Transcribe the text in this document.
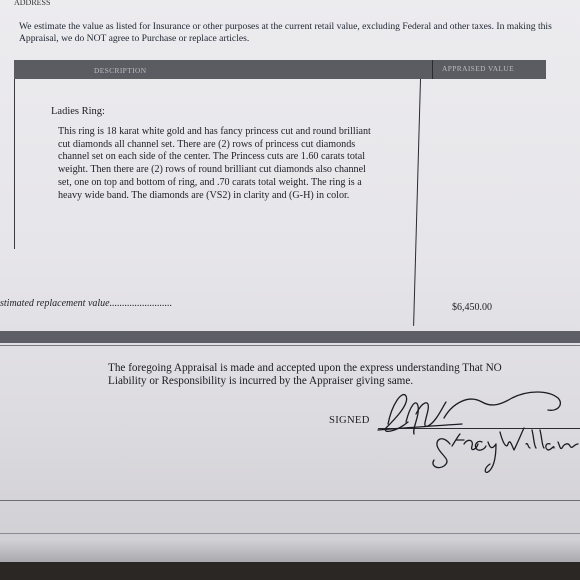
ADDRESS
We estimate the value as listed for Insurance or other purposes at the current retail value, excluding Federal and other taxes. In making this Appraisal, we do NOT agree to Purchase or replace articles.
DESCRIPTION	APPRAISED VALUE
Ladies Ring:
This ring is 18 karat white gold and has fancy princess cut and round brilliant cut diamonds all channel set. There are (2) rows of princess cut diamonds channel set on each side of the center. The Princess cuts are 1.60 carats total weight. Then there are (2) rows of round brilliant cut diamonds also channel set, one on top and bottom of ring, and .70 carats total weight. The ring is a heavy wide band. The diamonds are (VS2) in clarity and (G-H) in color.
stimated replacement value.........................	$6,450.00
The foregoing Appraisal is made and accepted upon the express understanding That NO Liability or Responsibility is incurred by the Appraiser giving same.
SIGNED
